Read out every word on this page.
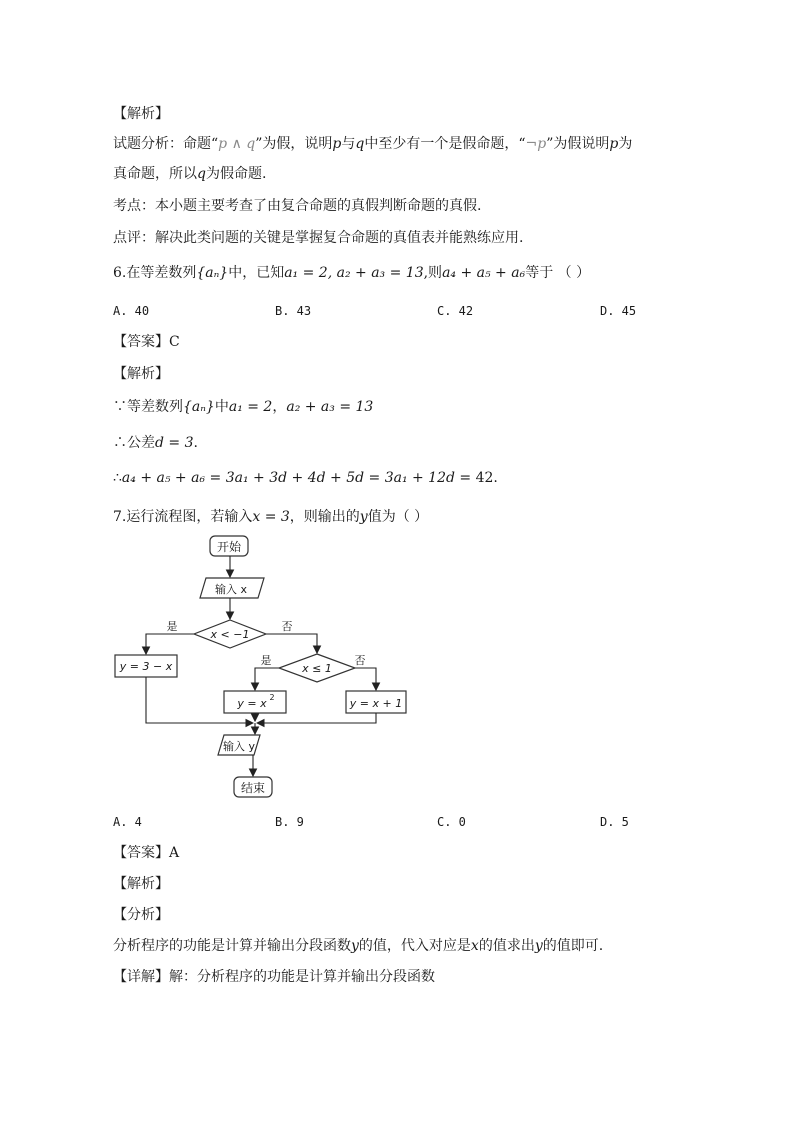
【解析】
试题分析：命题“p ∧ q”为假，说明p与q中至少有一个是假命题，“¬p”为假说明p为
真命题，所以q为假命题.
考点：本小题主要考查了由复合命题的真假判断命题的真假.
点评：解决此类问题的关键是掌握复合命题的真值表并能熟练应用.
6.在等差数列{aₙ}中，已知a₁ = 2, a₂ + a₃ = 13,则a₄ + a₅ + a₆等于 （ ）
A. 40	B. 43	C. 42	D. 45
【答案】C
【解析】
∵等差数列{aₙ}中a₁ = 2，a₂ + a₃ = 13
∴公差d = 3.
∴a₄ + a₅ + a₆ = 3a₁ + 3d + 4d + 5d = 3a₁ + 12d = 42.
7.运行流程图，若输入x = 3，则输出的y值为（ ）
开始
输入 x
x < −1
是	否
y = 3 − x	x ≤ 1
是	否
y = x 2	y = x + 1
输入 y
结束
A. 4	B. 9	C. 0	D. 5
【答案】A
【解析】
【分析】
分析程序的功能是计算并输出分段函数y的值，代入对应是x的值求出y的值即可.
【详解】解：分析程序的功能是计算并输出分段函数
